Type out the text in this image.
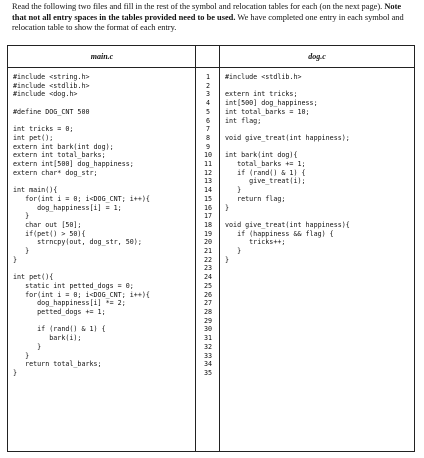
Read the following two files and fill in the rest of the symbol and relocation tables for each (on the next page). Note that not all entry spaces in the tables provided need to be used. We have completed one entry in each symbol and relocation table to show the format of each entry.
main.c	dog.c
#include <string.h>
#include <stdlib.h>
#include <dog.h>

#define DOG_CNT 500

int tricks = 0;
int pet();
extern int bark(int dog);
extern int total_barks;
extern int[500] dog_happiness;
extern char* dog_str;

int main(){
for(int i = 0; i<DOG_CNT; i++){
dog_happiness[i] = 1;
}
char out [50];
if(pet() > 50){
strncpy(out, dog_str, 50);
}
}

int pet(){
static int petted_dogs = 0;
for(int i = 0; i<DOG_CNT; i++){
dog_happiness[i] *= 2;
petted_dogs += 1;

if (rand() & 1) {
bark(i);
}
}
return total_barks;
}
1
2
3
4
5
6
7
8
9
10
11
12
13
14
15
16
17
18
19
20
21
22
23
24
25
26
27
28
29
30
31
32
33
34
35
#include <stdlib.h>

extern int tricks;
int[500] dog_happiness;
int total_barks = 10;
int flag;

void give_treat(int happiness);

int bark(int dog){
total_barks += 1;
if (rand() & 1) {
give_treat(i);
}
return flag;
}

void give_treat(int happiness){
if (happiness && flag) {
tricks++;
}
}
